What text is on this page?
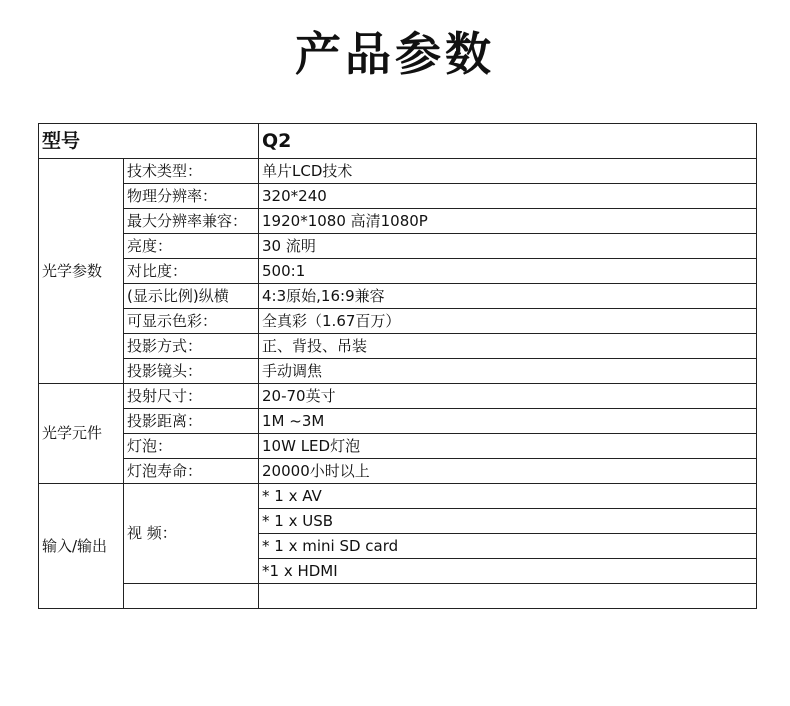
产品参数
型号		Q2
光学参数	技术类型：	单片LCD技术
	物理分辨率：	320*240
	最大分辨率兼容：	1920*1080 高清1080P
	亮度：	30 流明
	对比度：	500:1
	(显示比例)纵横	4:3原始,16:9兼容
	可显示色彩：	全真彩（1.67百万）
	投影方式：	正、背投、吊装
	投影镜头：	手动调焦
光学元件	投射尺寸：	20-70英寸
	投影距离：	1M ~3M
	灯泡：	10W LED灯泡
	灯泡寿命：	20000小时以上
输入/输出	视 频：	* 1 x AV
		* 1 x USB
		* 1 x mini SD card
		*1 x HDMI
